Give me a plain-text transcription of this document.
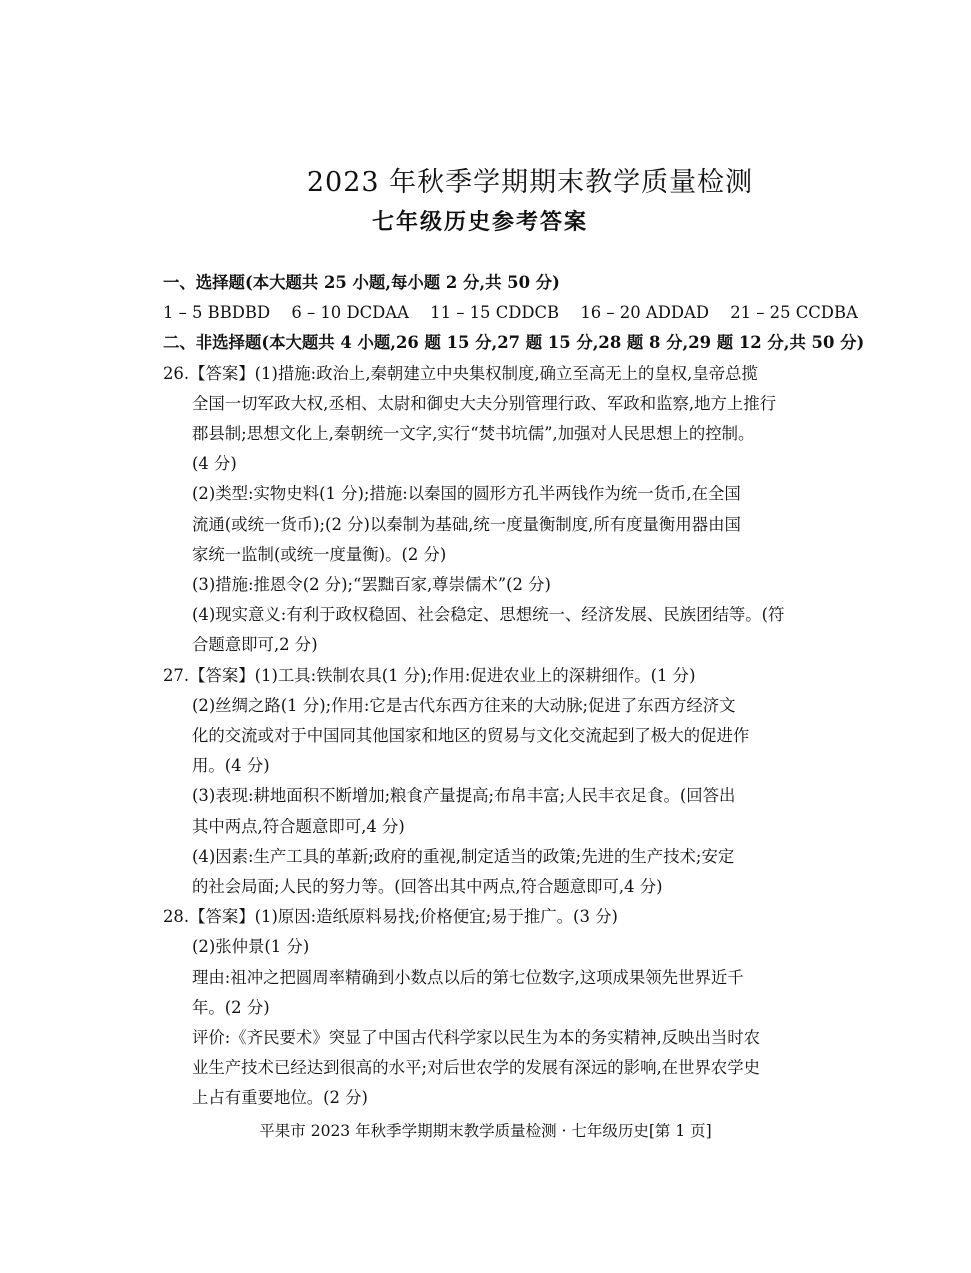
2023 年秋季学期期末教学质量检测
七年级历史参考答案
一、选择题(本大题共 25 小题,每小题 2 分,共 50 分)
1 – 5 BBDBD 6 – 10 DCDAA 11 – 15 CDDCB 16 – 20 ADDAD 21 – 25 CCDBA
二、非选择题(本大题共 4 小题,26 题 15 分,27 题 15 分,28 题 8 分,29 题 12 分,共 50 分)
26.【答案】(1)措施:政治上,秦朝建立中央集权制度,确立至高无上的皇权,皇帝总揽
全国一切军政大权,丞相、太尉和御史大夫分别管理行政、军政和监察,地方上推行
郡县制;思想文化上,秦朝统一文字,实行“焚书坑儒”,加强对人民思想上的控制。
(4 分)
(2)类型:实物史料(1 分);措施:以秦国的圆形方孔半两钱作为统一货币,在全国
流通(或统一货币);(2 分)以秦制为基础,统一度量衡制度,所有度量衡用器由国
家统一监制(或统一度量衡)。(2 分)
(3)措施:推恩令(2 分);“罢黜百家,尊崇儒术”(2 分)
(4)现实意义:有利于政权稳固、社会稳定、思想统一、经济发展、民族团结等。(符
合题意即可,2 分)
27.【答案】(1)工具:铁制农具(1 分);作用:促进农业上的深耕细作。(1 分)
(2)丝绸之路(1 分);作用:它是古代东西方往来的大动脉;促进了东西方经济文
化的交流或对于中国同其他国家和地区的贸易与文化交流起到了极大的促进作
用。(4 分)
(3)表现:耕地面积不断增加;粮食产量提高;布帛丰富;人民丰衣足食。(回答出
其中两点,符合题意即可,4 分)
(4)因素:生产工具的革新;政府的重视,制定适当的政策;先进的生产技术;安定
的社会局面;人民的努力等。(回答出其中两点,符合题意即可,4 分)
28.【答案】(1)原因:造纸原料易找;价格便宜;易于推广。(3 分)
(2)张仲景(1 分)
理由:祖冲之把圆周率精确到小数点以后的第七位数字,这项成果领先世界近千
年。(2 分)
评价:《齐民要术》突显了中国古代科学家以民生为本的务实精神,反映出当时农
业生产技术已经达到很高的水平;对后世农学的发展有深远的影响,在世界农学史
上占有重要地位。(2 分)
平果市 2023 年秋季学期期末教学质量检测 · 七年级历史[第 1 页]
